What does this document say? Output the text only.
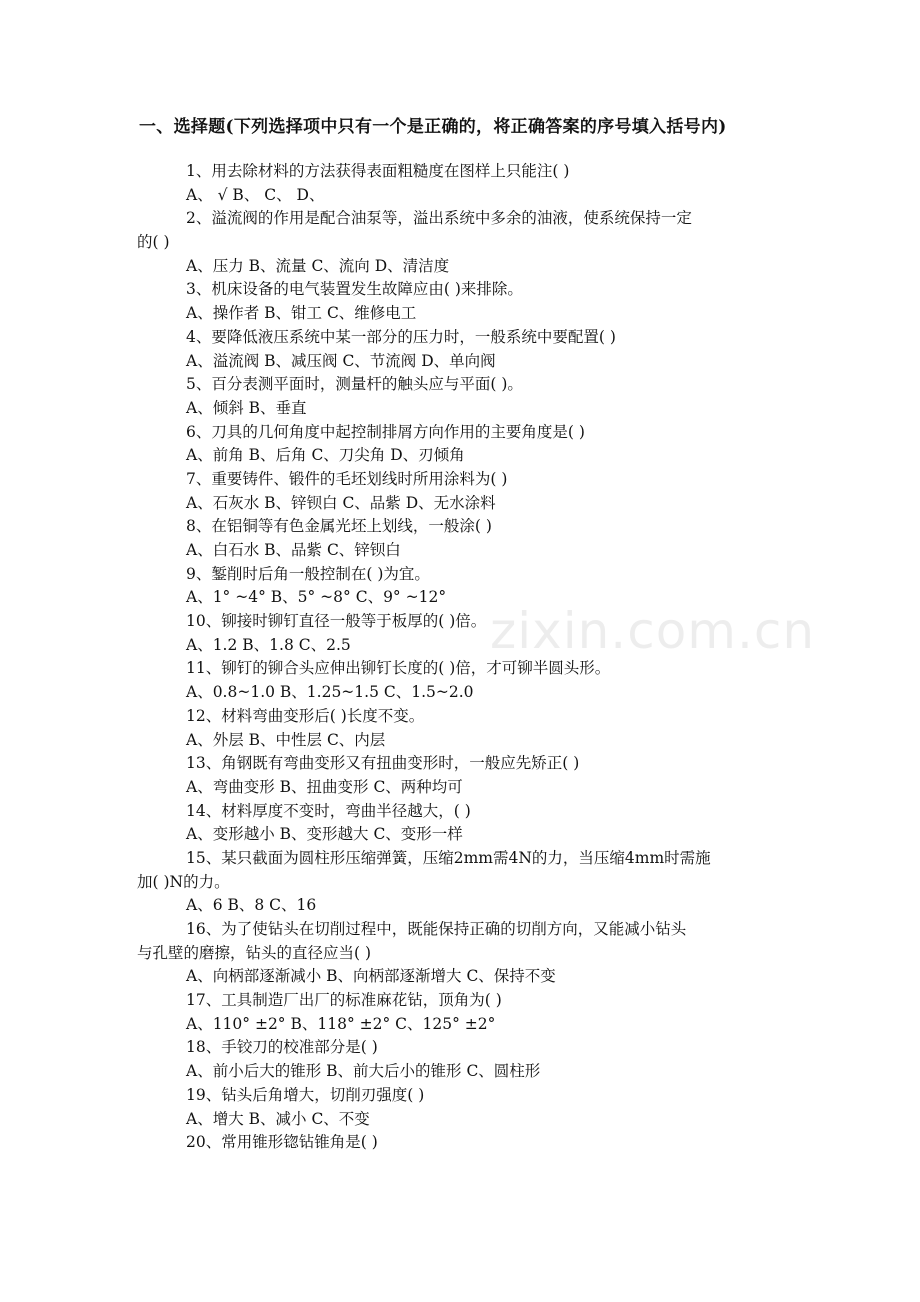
一、选择题(下列选择项中只有一个是正确的，将正确答案的序号填入括号内)
1、用去除材料的方法获得表面粗糙度在图样上只能注( )
A、 √ B、 C、 D、
2、溢流阀的作用是配合油泵等，溢出系统中多余的油液，使系统保持一定
的( )
A、压力 B、流量 C、流向 D、清洁度
3、机床设备的电气装置发生故障应由( )来排除。
A、操作者 B、钳工 C、维修电工
4、要降低液压系统中某一部分的压力时，一般系统中要配置( )
A、溢流阀 B、减压阀 C、节流阀 D、单向阀
5、百分表测平面时，测量杆的触头应与平面( )。
A、倾斜 B、垂直
6、刀具的几何角度中起控制排屑方向作用的主要角度是( )
A、前角 B、后角 C、刀尖角 D、刃倾角
7、重要铸件、锻件的毛坯划线时所用涂料为( )
A、石灰水 B、锌钡白 C、品紫 D、无水涂料
8、在铝铜等有色金属光坯上划线，一般涂( )
A、白石水 B、品紫 C、锌钡白
9、錾削时后角一般控制在( )为宜。
A、1° ~4° B、5° ~8° C、9° ~12°
10、铆接时铆钉直径一般等于板厚的( )倍。
A、1.2 B、1.8 C、2.5
11、铆钉的铆合头应伸出铆钉长度的( )倍，才可铆半圆头形。
A、0.8~1.0 B、1.25~1.5 C、1.5~2.0
12、材料弯曲变形后( )长度不变。
A、外层 B、中性层 C、内层
13、角钢既有弯曲变形又有扭曲变形时，一般应先矫正( )
A、弯曲变形 B、扭曲变形 C、两种均可
14、材料厚度不变时，弯曲半径越大，( )
A、变形越小 B、变形越大 C、变形一样
15、某只截面为圆柱形压缩弹簧，压缩2mm需4N的力，当压缩4mm时需施
加( )N的力。
A、6 B、8 C、16
16、为了使钻头在切削过程中，既能保持正确的切削方向，又能减小钻头
与孔壁的磨擦，钻头的直径应当( )
A、向柄部逐渐减小 B、向柄部逐渐增大 C、保持不变
17、工具制造厂出厂的标准麻花钻，顶角为( )
A、110° ±2° B、118° ±2° C、125° ±2°
18、手铰刀的校准部分是( )
A、前小后大的锥形 B、前大后小的锥形 C、圆柱形
19、钻头后角增大，切削刃强度( )
A、增大 B、减小 C、不变
20、常用锥形锪钻锥角是( )
zixin.com.cn
